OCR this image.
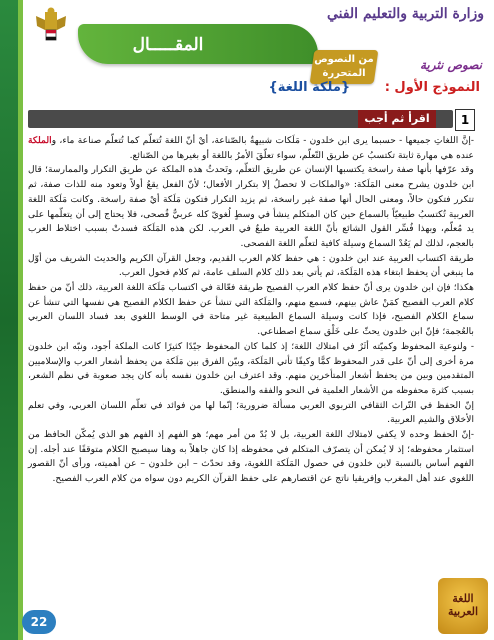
وزارة التربية والتعليم الفني
المقـــــال
من النصوص المتحررة
نصوص نثرية
النموذج الأول : {ملكة اللغة}
1
اقرأ ثم أجب

-إنَّ اللغاتِ جميعها - حسبما يرى ابن خلدون - مَلَكات شبيهةٌ بالصّناعة، أيْ أنّ اللغة تُتعلّم كما تُتعلّم صناعة ماء، والملكة عنده هي مهارة ثابتة تكتسبُ عن طريق التّعلّم، سواء تعلّقَ الأمرُ باللغة أو بغيرها من الصّنائع.

وقد عرّفها بأنها صفة راسخة يكتسبها الإنسان عن طريق التعلّم، وتَحدثُ هذه الملكة عن طريق التكرار والممارسة؛ قال ابن خلدون يشرح معنى المَلَكة: «والملكات لا تحصلُ إلا بتكرار الأفعال؛ لأنّ الفعل يقعُ أولاً وتعود منه للذات صفة، ثم تتكرر فتكون حالاً، ومعنى الحال أنها صفة غير راسخة، ثم يزيد التكرار فتكون مَلَكة أيْ صفة راسخة. وكانت مَلَكة اللغة العربية تُكتسبُ طبيعيّاً بالسماع حين كان المتكلم ينشأ في وسطٍ لُغويّ كله عربيٌّ فُصحى، فلا يحتاج إلى أن يتعلّمها على يد مُعلّم، وبهذا فُسِّر القول الشائع بأنّ اللغة العربية طبعٌ في العرب. لكن هذه المَلَكة فسدتْ بسبب اختلاط العرب بالعجم، لذلك لم يَعُدْ السماع وسيلة كافية لتعلّم اللغة الفصحى.

طريقة اكتساب العربية عند ابن خلدون : هي حفظ كلام العرب القديم، وجعل القرآن الكريم والحديث الشريف من أوّل ما ينبغي أن يحفظ ابتغاء هذه المَلَكة، ثم يأتي بعد ذلك كلام السلف عامة، ثم كلام فحول العرب.

هكذا؛ فإن ابن خلدون يرى أنّ حفظ كلام العرب الفصيح طريقة فعّالة في اكتساب مَلَكة اللغة العربية، ذلك أنّ من حفظ كلام العرب الفصيح كمَنْ عاش بينهم، فسمع منهم، والمَلَكة التي تنشأ عن حفظ الكلام الفصيح هي نفسها التي تنشأ عن سماع الكلام الفصيح، فإذا كانت وسيلة السماع الطبيعية غير متاحة في الوسط اللغوي بعد فساد اللسان العربي بالعُجمة؛ فإنّ ابن خلدون يحثّ على خَلْق سماع اصطناعي.

- ولنوعية المحفوظ وكميّته أثَرٌ في امتلاك اللغة؛ إذ كلما كان المحفوظ جيّدًا كثيرًا كانت الملكة أجود، ونبّه ابن خلدون مرة أخرى إلى أنّ على قدر المحفوظ كمًّا وكيفًا تأتي المَلَكة، وبيّن الفرق بين مَلَكة من يحفظ أشعار العرب والإسلاميين المتقدمين وبين من يحفظ أشعار المتأخرين منهم. وقد اعترف ابن خلدون نفسه بأنه كان يجد صعوبة في نظم الشعر، بسبب كثرة محفوظه من الأشعار العلمية في النحو والفقه والمنطق.

إنّ الحفظ في التّراث الثقافي التربوي العربي مسألة ضرورية؛ إنّما لها من فوائد في تعلّم اللسان العربي، وفي تعلم الأخلاق والشيم العربية.

-إنّ الحفظ وحده لا يكفي لامتلاك اللغة العربية، بل لا بُدّ من أمر مهم؛ هو الفهم إذ الفهم هو الذي يُمكّن الحافظ من استثمار محفوظه؛ إذ لا يُمكن أن يتصرّف المتكلم في محفوظه إذا كان جاهلاً به وهنا سيصبح الكلام متوقفًا عند أجله. إن الفهم أساس بالنسبة لابن خلدون في حصول المَلَكة اللغوية، وقد تحدّث – ابن خلدون – عن أهميته، ورأى أنّ القصور اللغوي عند أهل المغرب وإفريقيا ناتج عن اقتصارهم على حفظ القرآن الكريم دون سواه من كلام العرب الفصيح.

22
اللغة العربية
